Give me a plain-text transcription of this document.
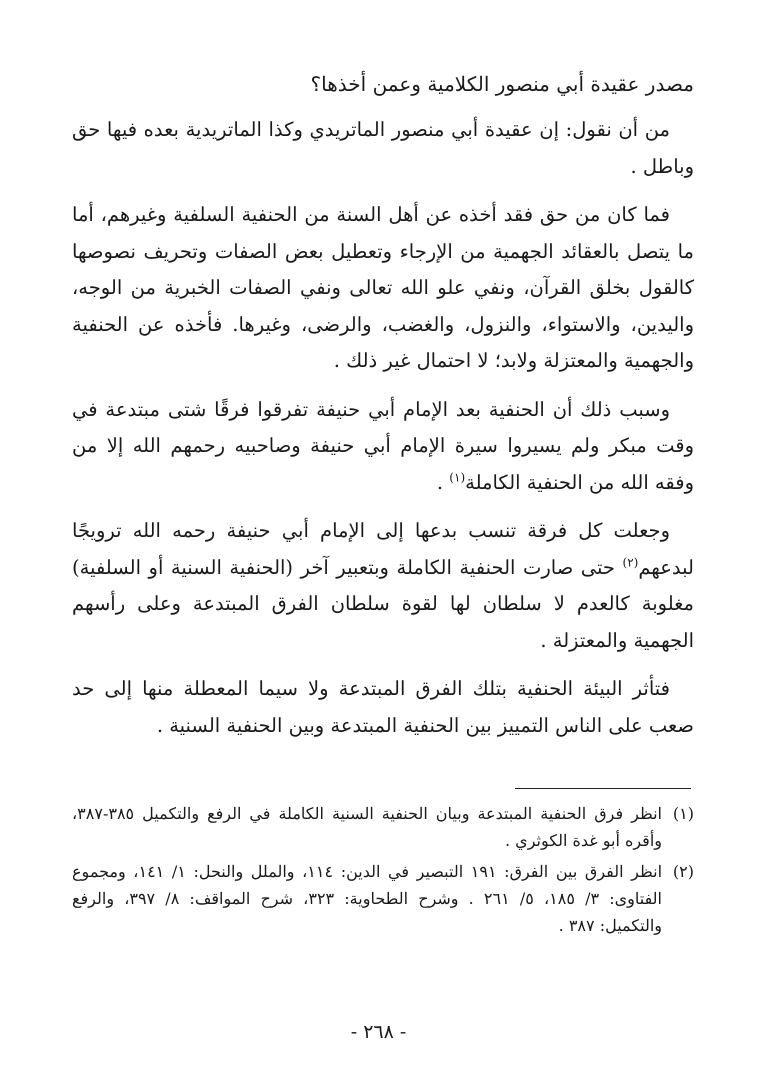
مصدر عقيدة أبي منصور الكلامية وعمن أخذها؟

من أن نقول: إن عقيدة أبي منصور الماتريدي وكذا الماتريدية بعده فيها حق وباطل .

فما كان من حق فقد أخذه عن أهل السنة من الحنفية السلفية وغيرهم، أما ما يتصل بالعقائد الجهمية من الإرجاء وتعطيل بعض الصفات وتحريف نصوصها كالقول بخلق القرآن، ونفي علو الله تعالى ونفي الصفات الخبرية من الوجه، واليدين، والاستواء، والنزول، والغضب، والرضى، وغيرها. فأخذه عن الحنفية والجهمية والمعتزلة ولابد؛ لا احتمال غير ذلك .

وسبب ذلك أن الحنفية بعد الإمام أبي حنيفة تفرقوا فرقًا شتى مبتدعة في وقت مبكر ولم يسيروا سيرة الإمام أبي حنيفة وصاحبيه رحمهم الله إلا من وفقه الله من الحنفية الكاملة$^{(١)}$ .

وجعلت كل فرقة تنسب بدعها إلى الإمام أبي حنيفة رحمه الله ترويجًا لبدعهم$^{(٢)}$ حتى صارت الحنفية الكاملة وبتعبير آخر (الحنفية السنية أو السلفية) مغلوبة كالعدم لا سلطان لها لقوة سلطان الفرق المبتدعة وعلى رأسهم الجهمية والمعتزلة .

فتأثر البيئة الحنفية بتلك الفرق المبتدعة ولا سيما المعطلة منها إلى حد صعب على الناس التمييز بين الحنفية المبتدعة وبين الحنفية السنية .

(١)
انظر فرق الحنفية المبتدعة وبيان الحنفية السنية الكاملة في الرفع والتكميل ٣٨٥-٣٨٧، وأقره أبو غدة الكوثري .
(٢)
انظر الفرق بين الفرق: ١٩١ التبصير في الدين: ١١٤، والملل والنحل: ١/ ١٤١، ومجموع الفتاوى: ٣/ ١٨٥، ٥/ ٢٦١ . وشرح الطحاوية: ٣٢٣، شرح المواقف: ٨/ ٣٩٧، والرفع والتكميل: ٣٨٧ .
- ٢٦٨ -
